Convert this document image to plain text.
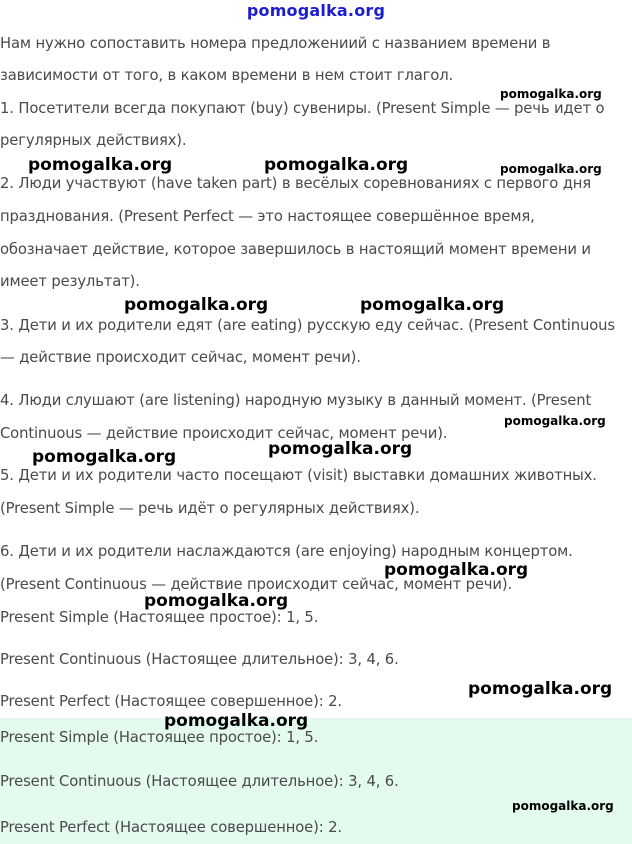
pomogalka.org
Нам нужно сопоставить номера предложениий с названием времени в
зависимости от того, в каком времени в нем стоит глагол.
1. Посетители всегда покупают (buy) сувениры. (Present Simple — речь идет о
регулярных действиях).
2. Люди участвуют (have taken part) в весёлых соревнованиях с первого дня
празднования. (Present Perfect — это настоящее совершённое время,
обозначает действие, которое завершилось в настоящий момент времени и
имеет результат).
3. Дети и их родители едят (are eating) русскую еду сейчас. (Present Continuous
— действие происходит сейчас, момент речи).
4. Люди слушают (are listening) народную музыку в данный момент. (Present
Continuous — действие происходит сейчас, момент речи).
5. Дети и их родители часто посещают (visit) выставки домашних животных.
(Present Simple — речь идёт о регулярных действиях).
6. Дети и их родители наслаждаются (are enjoying) народным концертом.
(Present Continuous — действие происходит сейчас, момент речи).
Present Simple (Настоящее простое): 1, 5.
Present Continuous (Настоящее длительное): 3, 4, 6.
Present Perfect (Настоящее совершенное): 2.
Present Simple (Настоящее простое): 1, 5.
Present Continuous (Настоящее длительное): 3, 4, 6.
Present Perfect (Настоящее совершенное): 2.
pomogalka.org
pomogalka.org	pomogalka.org	pomogalka.org
pomogalka.org	pomogalka.org
pomogalka.org
pomogalka.org
pomogalka.org
pomogalka.org
pomogalka.org
pomogalka.org
pomogalka.org
pomogalka.org
